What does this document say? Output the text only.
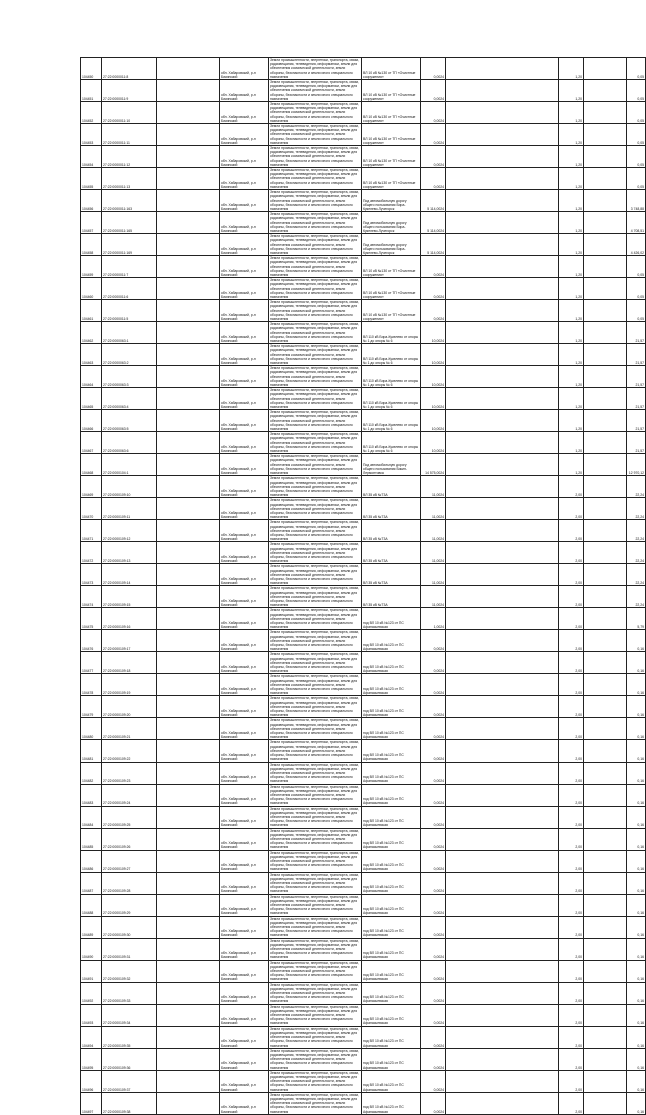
104450	27:22:0000011:8		обл. Хабаровский, р-н Бикинский	Земли промышленности, энергетики, транспорта, связи, радиовещания, телевидения, информатики, земли для обеспечения космической деятельности, земли обороны, безопасности и земли иного специального назначения	ВЛ 10 кВ №130 от ТП «Очистные сооружения»	0,0024		1,20		0,05
104451	27:22:0000011:9		обл. Хабаровский, р-н Бикинский	Земли промышленности, энергетики, транспорта, связи, радиовещания, телевидения, информатики, земли для обеспечения космической деятельности, земли обороны, безопасности и земли иного специального назначения	ВЛ 10 кВ №130 от ТП «Очистные сооружения»	0,0024		1,20		0,05
104452	27:22:0000011:10		обл. Хабаровский, р-н Бикинский	Земли промышленности, энергетики, транспорта, связи, радиовещания, телевидения, информатики, земли для обеспечения космической деятельности, земли обороны, безопасности и земли иного специального назначения	ВЛ 10 кВ №130 от ТП «Очистные сооружения»	0,0024		1,20		0,05
104453	27:22:0000011:11		обл. Хабаровский, р-н Бикинский	Земли промышленности, энергетики, транспорта, связи, радиовещания, телевидения, информатики, земли для обеспечения космической деятельности, земли обороны, безопасности и земли иного специального назначения	ВЛ 10 кВ №130 от ТП «Очистные сооружения»	0,0024		1,20		0,05
104454	27:22:0000011:12		обл. Хабаровский, р-н Бикинский	Земли промышленности, энергетики, транспорта, связи, радиовещания, телевидения, информатики, земли для обеспечения космической деятельности, земли обороны, безопасности и земли иного специального назначения	ВЛ 10 кВ №130 от ТП «Очистные сооружения»	0,0024		1,20		0,05
104455	27:22:0000011:13		обл. Хабаровский, р-н Бикинский	Земли промышленности, энергетики, транспорта, связи, радиовещания, телевидения, информатики, земли для обеспечения космической деятельности, земли обороны, безопасности и земли иного специального назначения	ВЛ 10 кВ №130 от ТП «Очистные сооружения»	0,0024		1,20		0,05
104456	27:22:0000011:163		обл. Хабаровский, р-н Бикинский	Земли промышленности, энергетики, транспорта, связи, радиовещания, телевидения, информатики, земли для обеспечения космической деятельности, земли обороны, безопасности и земли иного специального назначения	Под автомобильную дорогу общего пользования Бира-Кукелево-Лучегорск	5 114,0024		1,20		3 748,88
104457	27:22:0000011:165		обл. Хабаровский, р-н Бикинский	Земли промышленности, энергетики, транспорта, связи, радиовещания, телевидения, информатики, земли для обеспечения космической деятельности, земли обороны, безопасности и земли иного специального назначения	Под автомобильную дорогу общего пользования Бира-Кукелево-Лучегорск	5 114,0024		1,20		4 708,51
104458	27:22:0000011:169		обл. Хабаровский, р-н Бикинский	Земли промышленности, энергетики, транспорта, связи, радиовещания, телевидения, информатики, земли для обеспечения космической деятельности, земли обороны, безопасности и земли иного специального назначения	Под автомобильную дорогу общего пользования Бира-Кукелево-Лучегорск	5 114,0024		1,20		4 426,02
104459	27:22:0000011:7		обл. Хабаровский, р-н Бикинский	Земли промышленности, энергетики, транспорта, связи, радиовещания, телевидения, информатики, земли для обеспечения космической деятельности, земли обороны, безопасности и земли иного специального назначения	ВЛ 10 кВ №130 от ТП «Очистные сооружения»	0,0024		1,20		0,05
104460	27:22:0000011:6		обл. Хабаровский, р-н Бикинский	Земли промышленности, энергетики, транспорта, связи, радиовещания, телевидения, информатики, земли для обеспечения космической деятельности, земли обороны, безопасности и земли иного специального назначения	ВЛ 10 кВ №130 от ТП «Очистные сооружения»	0,0024		1,20		0,05
104461	27:22:0000011:5		обл. Хабаровский, р-н Бикинский	Земли промышленности, энергетики, транспорта, связи, радиовещания, телевидения, информатики, земли для обеспечения космической деятельности, земли обороны, безопасности и земли иного специального назначения	ВЛ 10 кВ №130 от ТП «Очистные сооружения»	0,0024		1,20		0,05
104462	27:22:0000063:1		обл. Хабаровский, р-н Бикинский	Земли промышленности, энергетики, транспорта, связи, радиовещания, телевидения, информатики, земли для обеспечения космической деятельности, земли обороны, безопасности и земли иного специального назначения	ВЛ 110 кВ Бира-Кукелево от опоры № 1 до опоры № 6	10,0024		1,20		21,57
104463	27:22:0000063:2		обл. Хабаровский, р-н Бикинский	Земли промышленности, энергетики, транспорта, связи, радиовещания, телевидения, информатики, земли для обеспечения космической деятельности, земли обороны, безопасности и земли иного специального назначения	ВЛ 110 кВ Бира-Кукелево от опоры № 1 до опоры № 6	10,0024		1,20		21,57
104464	27:22:0000063:3		обл. Хабаровский, р-н Бикинский	Земли промышленности, энергетики, транспорта, связи, радиовещания, телевидения, информатики, земли для обеспечения космической деятельности, земли обороны, безопасности и земли иного специального назначения	ВЛ 110 кВ Бира-Кукелево от опоры № 1 до опоры № 6	10,0024		1,20		21,57
104465	27:22:0000063:4		обл. Хабаровский, р-н Бикинский	Земли промышленности, энергетики, транспорта, связи, радиовещания, телевидения, информатики, земли для обеспечения космической деятельности, земли обороны, безопасности и земли иного специального назначения	ВЛ 110 кВ Бира-Кукелево от опоры № 1 до опоры № 6	10,0024		1,20		21,57
104466	27:22:0000063:5		обл. Хабаровский, р-н Бикинский	Земли промышленности, энергетики, транспорта, связи, радиовещания, телевидения, информатики, земли для обеспечения космической деятельности, земли обороны, безопасности и земли иного специального назначения	ВЛ 110 кВ Бира-Кукелево от опоры № 1 до опоры № 6	10,0024		1,20		21,57
104467	27:22:0000063:6		обл. Хабаровский, р-н Бикинский	Земли промышленности, энергетики, транспорта, связи, радиовещания, телевидения, информатики, земли для обеспечения космической деятельности, земли обороны, безопасности и земли иного специального назначения	ВЛ 110 кВ Бира-Кукелево от опоры № 1 до опоры № 6	10,0024		1,20		21,57
104468	27:22:0000104:1		обл. Хабаровский, р-н Бикинский	Земли промышленности, энергетики, транспорта, связи, радиовещания, телевидения, информатики, земли для обеспечения космической деятельности, земли обороны, безопасности и земли иного специального назначения	Под автомобильную дорогу общего пользования Бикин-Лермонтовка	14 575,0024		1,20		12 970,12
104469	27:22:0000109:10		обл. Хабаровский, р-н Бикинский	Земли промышленности, энергетики, транспорта, связи, радиовещания, телевидения, информатики, земли для обеспечения космической деятельности, земли обороны, безопасности и земли иного специального назначения	ВЛ 35 кВ №Т3А	11,0024		2,00		22,24
104470	27:22:0000109:11		обл. Хабаровский, р-н Бикинский	Земли промышленности, энергетики, транспорта, связи, радиовещания, телевидения, информатики, земли для обеспечения космической деятельности, земли обороны, безопасности и земли иного специального назначения	ВЛ 35 кВ №Т3А	11,0024		2,00		22,24
104471	27:22:0000109:12		обл. Хабаровский, р-н Бикинский	Земли промышленности, энергетики, транспорта, связи, радиовещания, телевидения, информатики, земли для обеспечения космической деятельности, земли обороны, безопасности и земли иного специального назначения	ВЛ 35 кВ №Т3А	11,0024		2,00		22,24
104472	27:22:0000109:13		обл. Хабаровский, р-н Бикинский	Земли промышленности, энергетики, транспорта, связи, радиовещания, телевидения, информатики, земли для обеспечения космической деятельности, земли обороны, безопасности и земли иного специального назначения	ВЛ 35 кВ №Т3А	11,0024		2,00		22,24
104473	27:22:0000109:14		обл. Хабаровский, р-н Бикинский	Земли промышленности, энергетики, транспорта, связи, радиовещания, телевидения, информатики, земли для обеспечения космической деятельности, земли обороны, безопасности и земли иного специального назначения	ВЛ 35 кВ №Т3А	11,0024		2,00		22,24
104474	27:22:0000109:15		обл. Хабаровский, р-н Бикинский	Земли промышленности, энергетики, транспорта, связи, радиовещания, телевидения, информатики, земли для обеспечения космической деятельности, земли обороны, безопасности и земли иного специального назначения	ВЛ 35 кВ №Т3А	11,0024		2,00		22,24
104475	27:22:0000109:16		обл. Хабаровский, р-н Бикинский	Земли промышленности, энергетики, транспорта, связи, радиовещания, телевидения, информатики, земли для обеспечения космической деятельности, земли обороны, безопасности и земли иного специального назначения	под ВЛ 10 кВ №123 от ПС Афанасьевская	1,0024		2,00		5,79
104476	27:22:0000109:17		обл. Хабаровский, р-н Бикинский	Земли промышленности, энергетики, транспорта, связи, радиовещания, телевидения, информатики, земли для обеспечения космической деятельности, земли обороны, безопасности и земли иного специального назначения	под ВЛ 10 кВ №123 от ПС Афанасьевская	0,0024		2,00		0,16
104477	27:22:0000109:18		обл. Хабаровский, р-н Бикинский	Земли промышленности, энергетики, транспорта, связи, радиовещания, телевидения, информатики, земли для обеспечения космической деятельности, земли обороны, безопасности и земли иного специального назначения	под ВЛ 10 кВ №123 от ПС Афанасьевская	0,0024		2,00		0,16
104478	27:22:0000109:19		обл. Хабаровский, р-н Бикинский	Земли промышленности, энергетики, транспорта, связи, радиовещания, телевидения, информатики, земли для обеспечения космической деятельности, земли обороны, безопасности и земли иного специального назначения	под ВЛ 10 кВ №123 от ПС Афанасьевская	0,0024		2,00		0,16
104479	27:22:0000109:20		обл. Хабаровский, р-н Бикинский	Земли промышленности, энергетики, транспорта, связи, радиовещания, телевидения, информатики, земли для обеспечения космической деятельности, земли обороны, безопасности и земли иного специального назначения	под ВЛ 10 кВ №123 от ПС Афанасьевская	0,0024		2,00		0,16
104480	27:22:0000109:21		обл. Хабаровский, р-н Бикинский	Земли промышленности, энергетики, транспорта, связи, радиовещания, телевидения, информатики, земли для обеспечения космической деятельности, земли обороны, безопасности и земли иного специального назначения	под ВЛ 10 кВ №123 от ПС Афанасьевская	0,0024		2,00		0,16
104481	27:22:0000109:22		обл. Хабаровский, р-н Бикинский	Земли промышленности, энергетики, транспорта, связи, радиовещания, телевидения, информатики, земли для обеспечения космической деятельности, земли обороны, безопасности и земли иного специального назначения	под ВЛ 10 кВ №123 от ПС Афанасьевская	0,0024		2,00		0,16
104482	27:22:0000109:23		обл. Хабаровский, р-н Бикинский	Земли промышленности, энергетики, транспорта, связи, радиовещания, телевидения, информатики, земли для обеспечения космической деятельности, земли обороны, безопасности и земли иного специального назначения	под ВЛ 10 кВ №123 от ПС Афанасьевская	0,0024		2,00		0,16
104483	27:22:0000109:24		обл. Хабаровский, р-н Бикинский	Земли промышленности, энергетики, транспорта, связи, радиовещания, телевидения, информатики, земли для обеспечения космической деятельности, земли обороны, безопасности и земли иного специального назначения	под ВЛ 10 кВ №123 от ПС Афанасьевская	0,0024		2,00		0,16
104484	27:22:0000109:25		обл. Хабаровский, р-н Бикинский	Земли промышленности, энергетики, транспорта, связи, радиовещания, телевидения, информатики, земли для обеспечения космической деятельности, земли обороны, безопасности и земли иного специального назначения	под ВЛ 10 кВ №123 от ПС Афанасьевская	0,0024		2,00		0,16
104485	27:22:0000109:26		обл. Хабаровский, р-н Бикинский	Земли промышленности, энергетики, транспорта, связи, радиовещания, телевидения, информатики, земли для обеспечения космической деятельности, земли обороны, безопасности и земли иного специального назначения	под ВЛ 10 кВ №123 от ПС Афанасьевская	0,0024		2,00		0,16
104486	27:22:0000109:27		обл. Хабаровский, р-н Бикинский	Земли промышленности, энергетики, транспорта, связи, радиовещания, телевидения, информатики, земли для обеспечения космической деятельности, земли обороны, безопасности и земли иного специального назначения	под ВЛ 10 кВ №123 от ПС Афанасьевская	0,0024		2,00		0,16
104487	27:22:0000109:28		обл. Хабаровский, р-н Бикинский	Земли промышленности, энергетики, транспорта, связи, радиовещания, телевидения, информатики, земли для обеспечения космической деятельности, земли обороны, безопасности и земли иного специального назначения	под ВЛ 10 кВ №123 от ПС Афанасьевская	0,0024		2,00		0,16
104488	27:22:0000109:29		обл. Хабаровский, р-н Бикинский	Земли промышленности, энергетики, транспорта, связи, радиовещания, телевидения, информатики, земли для обеспечения космической деятельности, земли обороны, безопасности и земли иного специального назначения	под ВЛ 10 кВ №123 от ПС Афанасьевская	0,0024		2,00		0,16
104489	27:22:0000109:30		обл. Хабаровский, р-н Бикинский	Земли промышленности, энергетики, транспорта, связи, радиовещания, телевидения, информатики, земли для обеспечения космической деятельности, земли обороны, безопасности и земли иного специального назначения	под ВЛ 10 кВ №123 от ПС Афанасьевская	0,0024		2,00		0,16
104490	27:22:0000109:31		обл. Хабаровский, р-н Бикинский	Земли промышленности, энергетики, транспорта, связи, радиовещания, телевидения, информатики, земли для обеспечения космической деятельности, земли обороны, безопасности и земли иного специального назначения	под ВЛ 10 кВ №123 от ПС Афанасьевская	0,0024		2,00		0,16
104491	27:22:0000109:32		обл. Хабаровский, р-н Бикинский	Земли промышленности, энергетики, транспорта, связи, радиовещания, телевидения, информатики, земли для обеспечения космической деятельности, земли обороны, безопасности и земли иного специального назначения	под ВЛ 10 кВ №123 от ПС Афанасьевская	0,0024		2,00		0,16
104492	27:22:0000109:33		обл. Хабаровский, р-н Бикинский	Земли промышленности, энергетики, транспорта, связи, радиовещания, телевидения, информатики, земли для обеспечения космической деятельности, земли обороны, безопасности и земли иного специального назначения	под ВЛ 10 кВ №123 от ПС Афанасьевская	0,0024		2,00		0,16
104493	27:22:0000109:34		обл. Хабаровский, р-н Бикинский	Земли промышленности, энергетики, транспорта, связи, радиовещания, телевидения, информатики, земли для обеспечения космической деятельности, земли обороны, безопасности и земли иного специального назначения	под ВЛ 10 кВ №123 от ПС Афанасьевская	0,0024		2,00		0,16
104494	27:22:0000109:35		обл. Хабаровский, р-н Бикинский	Земли промышленности, энергетики, транспорта, связи, радиовещания, телевидения, информатики, земли для обеспечения космической деятельности, земли обороны, безопасности и земли иного специального назначения	под ВЛ 10 кВ №123 от ПС Афанасьевская	0,0024		2,00		0,16
104495	27:22:0000109:36		обл. Хабаровский, р-н Бикинский	Земли промышленности, энергетики, транспорта, связи, радиовещания, телевидения, информатики, земли для обеспечения космической деятельности, земли обороны, безопасности и земли иного специального назначения	под ВЛ 10 кВ №123 от ПС Афанасьевская	0,0024		2,00		0,16
104496	27:22:0000109:37		обл. Хабаровский, р-н Бикинский	Земли промышленности, энергетики, транспорта, связи, радиовещания, телевидения, информатики, земли для обеспечения космической деятельности, земли обороны, безопасности и земли иного специального назначения	под ВЛ 10 кВ №123 от ПС Афанасьевская	0,0024		2,00		0,16
104497	27:22:0000109:38		обл. Хабаровский, р-н Бикинский	Земли промышленности, энергетики, транспорта, связи, радиовещания, телевидения, информатики, земли для обеспечения космической деятельности, земли обороны, безопасности и земли иного специального назначения	под ВЛ 10 кВ №123 от ПС Афанасьевская	0,0024		2,00		0,16
